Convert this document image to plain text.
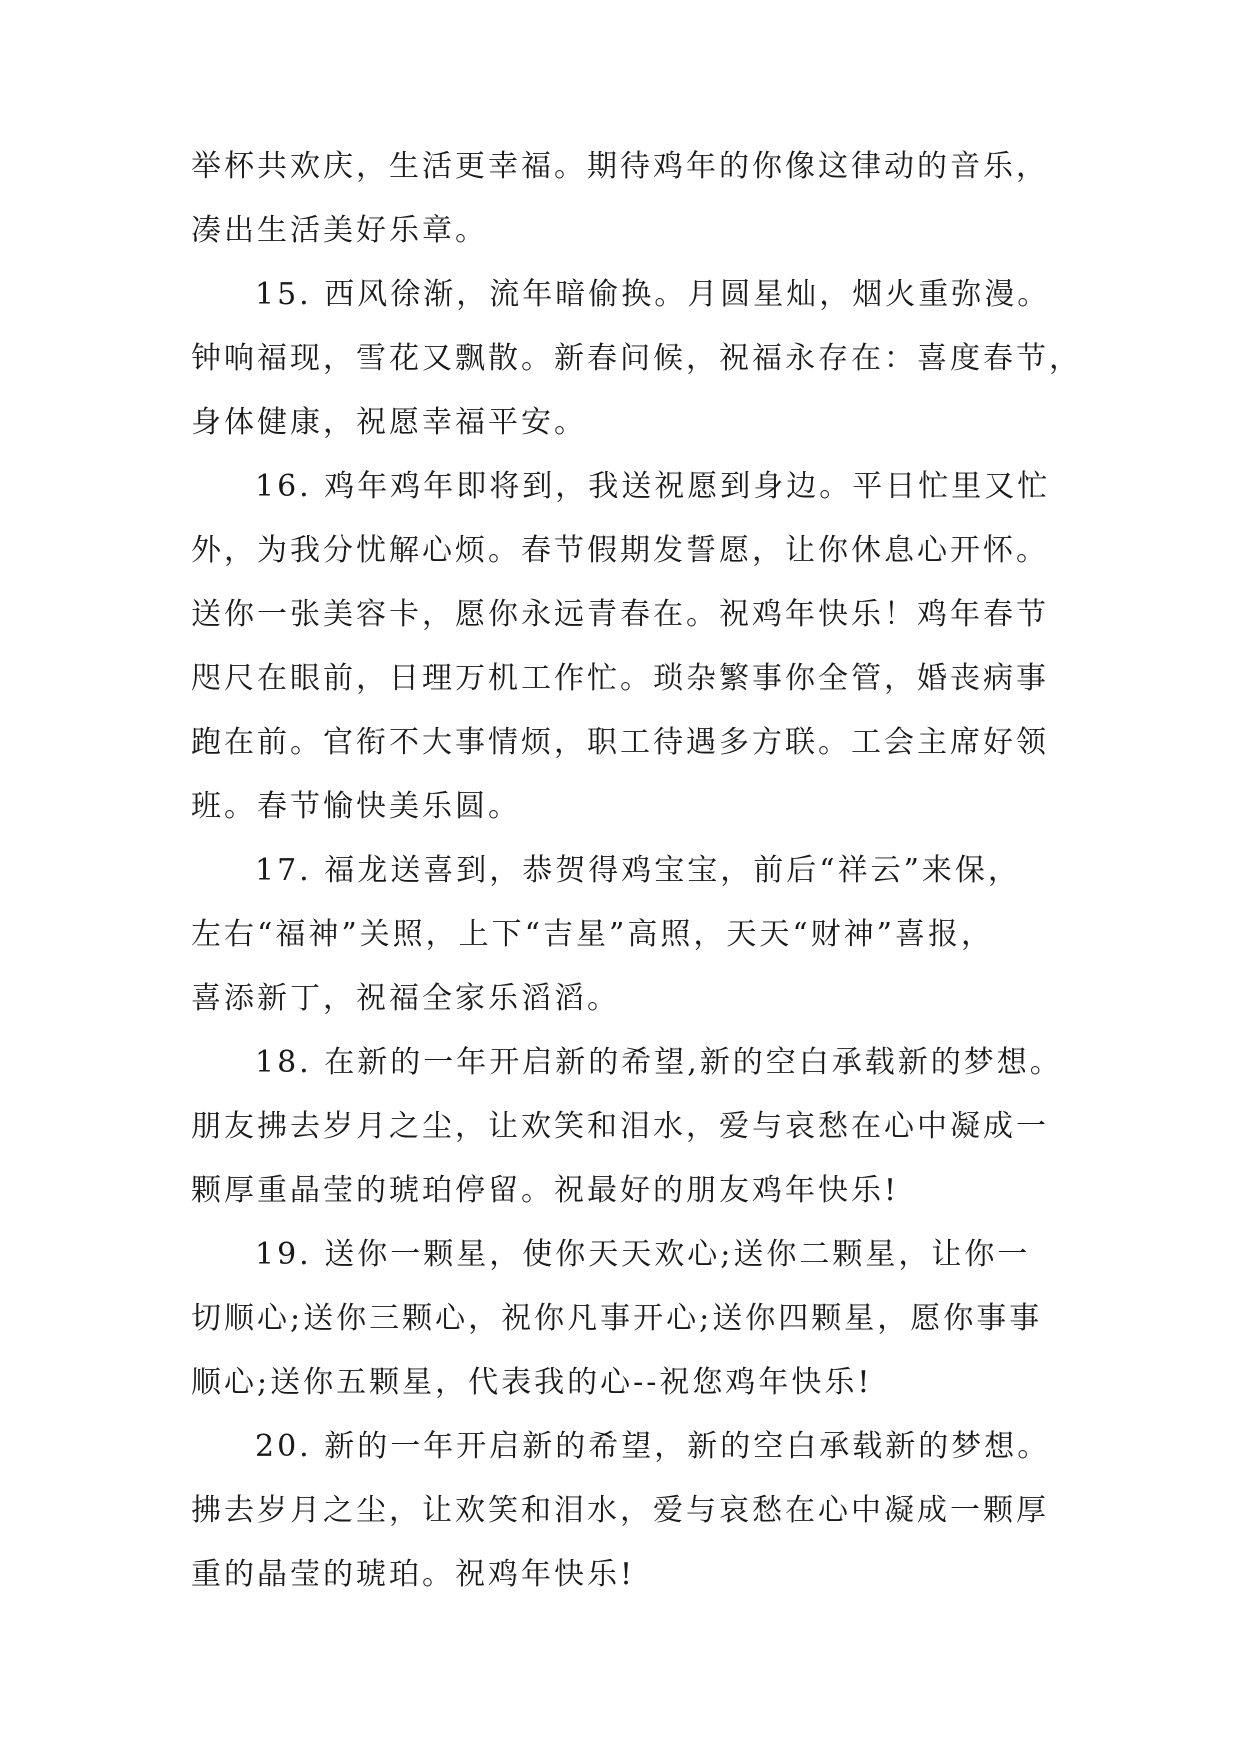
举杯共欢庆，生活更幸福。期待鸡年的你像这律动的音乐，
凑出生活美好乐章。
15. 西风徐渐，流年暗偷换。月圆星灿，烟火重弥漫。
钟响福现，雪花又飘散。新春问候，祝福永存在：喜度春节，
身体健康，祝愿幸福平安。
16. 鸡年鸡年即将到，我送祝愿到身边。平日忙里又忙
外，为我分忧解心烦。春节假期发誓愿，让你休息心开怀。
送你一张美容卡，愿你永远青春在。祝鸡年快乐！鸡年春节
咫尺在眼前，日理万机工作忙。琐杂繁事你全管，婚丧病事
跑在前。官衔不大事情烦，职工待遇多方联。工会主席好领
班。春节愉快美乐圆。
17. 福龙送喜到，恭贺得鸡宝宝，前后“祥云”来保，
左右“福神”关照，上下“吉星”高照，天天“财神”喜报，
喜添新丁，祝福全家乐滔滔。
18. 在新的一年开启新的希望,新的空白承载新的梦想。
朋友拂去岁月之尘，让欢笑和泪水，爱与哀愁在心中凝成一
颗厚重晶莹的琥珀停留。祝最好的朋友鸡年快乐!
19. 送你一颗星，使你天天欢心;送你二颗星，让你一
切顺心;送你三颗心，祝你凡事开心;送你四颗星，愿你事事
顺心;送你五颗星，代表我的心--祝您鸡年快乐!
20. 新的一年开启新的希望，新的空白承载新的梦想。
拂去岁月之尘，让欢笑和泪水，爱与哀愁在心中凝成一颗厚
重的晶莹的琥珀。祝鸡年快乐!
